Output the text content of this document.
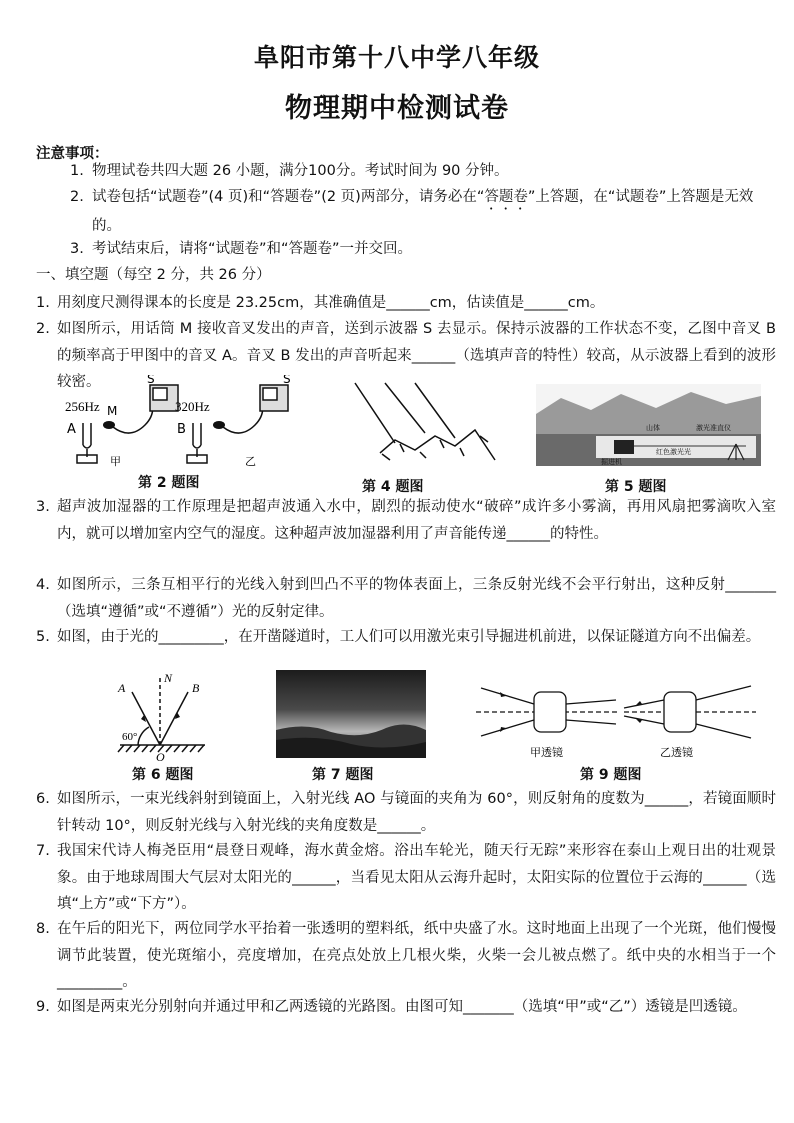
阜阳市第十八中学八年级
物理期中检测试卷
注意事项：
1. 物理试卷共四大题 26 小题，满分100分。考试时间为 90 分钟。
2. 试卷包括“试题卷”(4 页)和“答题卷”(2 页)两部分，请务必在“答题卷”上答题，在“试题卷”上答题是无效的。
3. 考试结束后，请将“试题卷”和“答题卷”一并交回。
一、填空题（每空 2 分，共 26 分）
1. 用刻度尺测得课本的长度是 23.25cm，其准确值是______cm，估读值是______cm。
2. 如图所示，用话筒 M 接收音叉发出的声音，送到示波器 S 去显示。保持示波器的工作状态不变，乙图中音叉 B 的频率高于甲图中的音叉 A。音叉 B 发出的声音听起来______（选填声音的特性）较高，从示波器上看到的波形较密。
256Hz	320Hz
A	B
M
S	S
甲	乙
第 2 题图	第 4 题图
山体	激光准直仪
红色激光光
掘进机
第 5 题图
3. 超声波加湿器的工作原理是把超声波通入水中，剧烈的振动使水“破碎”成许多小雾滴，再用风扇把雾滴吹入室内，就可以增加室内空气的湿度。这种超声波加湿器利用了声音能传递______的特性。
4. 如图所示，三条互相平行的光线入射到凹凸不平的物体表面上，三条反射光线不会平行射出，这种反射_______（选填“遵循”或“不遵循”）光的反射定律。
5. 如图，由于光的_________，在开凿隧道时，工人们可以用激光束引导掘进机前进，以保证隧道方向不出偏差。
A	B
N
O
60°
第 6 题图	第 7 题图
甲透镜	乙透镜
第 9 题图
6. 如图所示，一束光线斜射到镜面上，入射光线 AO 与镜面的夹角为 60°，则反射角的度数为______，若镜面顺时针转动 10°，则反射光线与入射光线的夹角度数是______。
7. 我国宋代诗人梅尧臣用“晨登日观峰，海水黄金熔。浴出车轮光，随天行无踪”来形容在泰山上观日出的壮观景象。由于地球周围大气层对太阳光的______，当看见太阳从云海升起时，太阳实际的位置位于云海的______（选填“上方”或“下方”）。
8. 在午后的阳光下，两位同学水平抬着一张透明的塑料纸，纸中央盛了水。这时地面上出现了一个光斑，他们慢慢调节此装置，使光斑缩小，亮度增加，在亮点处放上几根火柴，火柴一会儿被点燃了。纸中央的水相当于一个_________。
9. 如图是两束光分别射向并通过甲和乙两透镜的光路图。由图可知_______（选填“甲”或“乙”）透镜是凹透镜。
